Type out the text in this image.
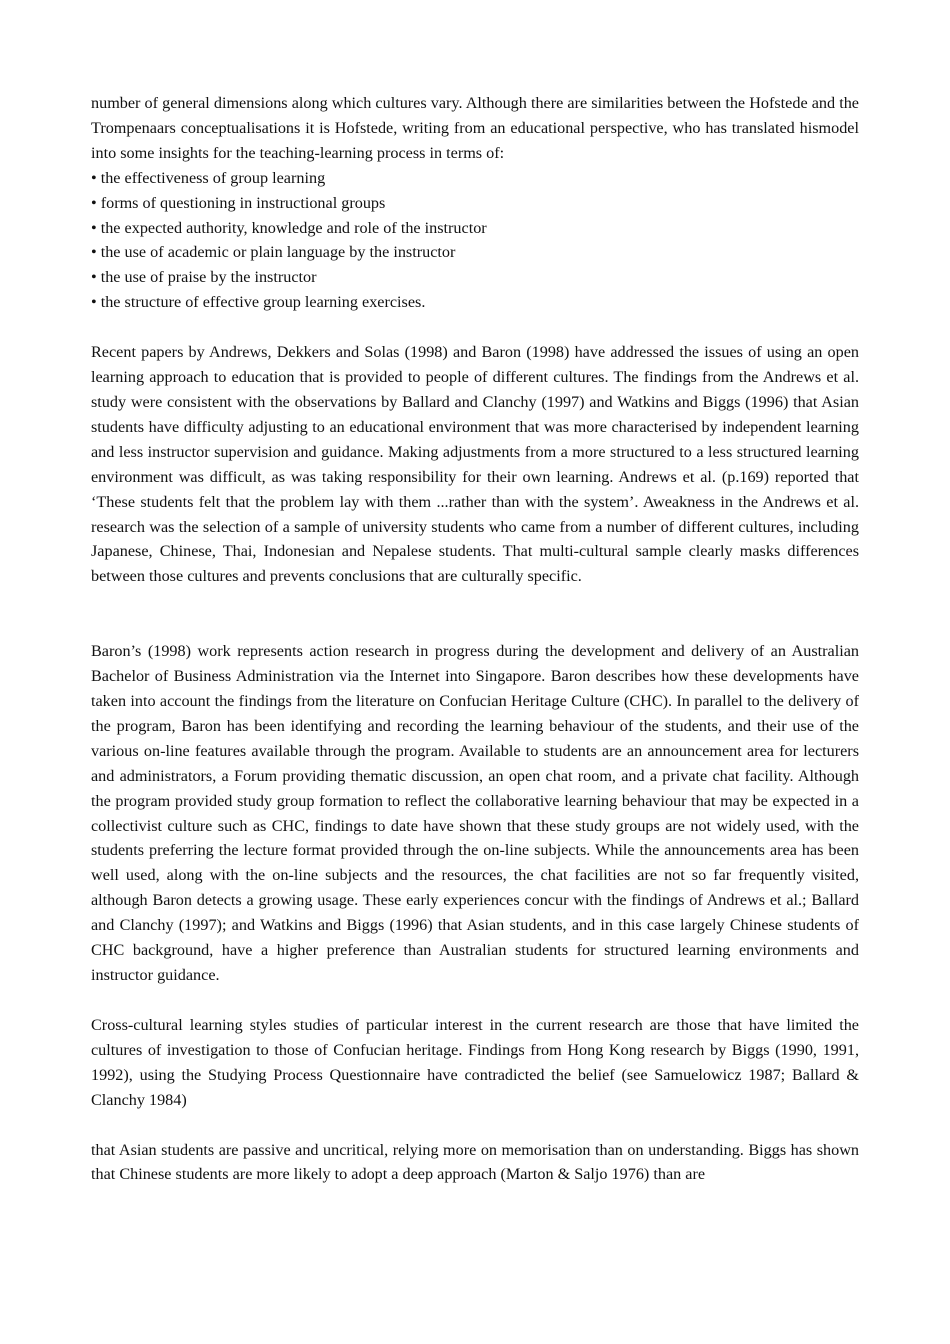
number of general dimensions along which cultures vary. Although there are similarities between the Hofstede and the Trompenaars conceptualisations it is Hofstede, writing from an educational perspective, who has translated hismodel into some insights for the teaching-learning process in terms of:

• the effectiveness of group learning
• forms of questioning in instructional groups
• the expected authority, knowledge and role of the instructor
• the use of academic or plain language by the instructor
• the use of praise by the instructor
• the structure of effective group learning exercises.

Recent papers by Andrews, Dekkers and Solas (1998) and Baron (1998) have addressed the issues of using an open learning approach to education that is provided to people of different cultures. The findings from the Andrews et al. study were consistent with the observations by Ballard and Clanchy (1997) and Watkins and Biggs (1996) that Asian students have difficulty adjusting to an educational environment that was more characterised by independent learning and less instructor supervision and guidance. Making adjustments from a more structured to a less structured learning environment was difficult, as was taking responsibility for their own learning. Andrews et al. (p.169) reported that ‘These students felt that the problem lay with them ...rather than with the system’. Aweakness in the Andrews et al. research was the selection of a sample of university students who came from a number of different cultures, including Japanese, Chinese, Thai, Indonesian and Nepalese students. That multi-cultural sample clearly masks differences between those cultures and prevents conclusions that are culturally specific.

Baron’s (1998) work represents action research in progress during the development and delivery of an Australian Bachelor of Business Administration via the Internet into Singapore. Baron describes how these developments have taken into account the findings from the literature on Confucian Heritage Culture (CHC). In parallel to the delivery of the program, Baron has been identifying and recording the learning behaviour of the students, and their use of the various on-line features available through the program. Available to students are an announcement area for lecturers and administrators, a Forum providing thematic discussion, an open chat room, and a private chat facility. Although the program provided study group formation to reflect the collaborative learning behaviour that may be expected in a collectivist culture such as CHC, findings to date have shown that these study groups are not widely used, with the students preferring the lecture format provided through the on-line subjects. While the announcements area has been well used, along with the on-line subjects and the resources, the chat facilities are not so far frequently visited, although Baron detects a growing usage. These early experiences concur with the findings of Andrews et al.; Ballard and Clanchy (1997); and Watkins and Biggs (1996) that Asian students, and in this case largely Chinese students of CHC background, have a higher preference than Australian students for structured learning environments and instructor guidance.

Cross-cultural learning styles studies of particular interest in the current research are those that have limited the cultures of investigation to those of Confucian heritage. Findings from Hong Kong research by Biggs (1990, 1991, 1992), using the Studying Process Questionnaire have contradicted the belief (see Samuelowicz 1987; Ballard & Clanchy 1984)

that Asian students are passive and uncritical, relying more on memorisation than on understanding. Biggs has shown that Chinese students are more likely to adopt a deep approach (Marton & Saljo 1976) than are
